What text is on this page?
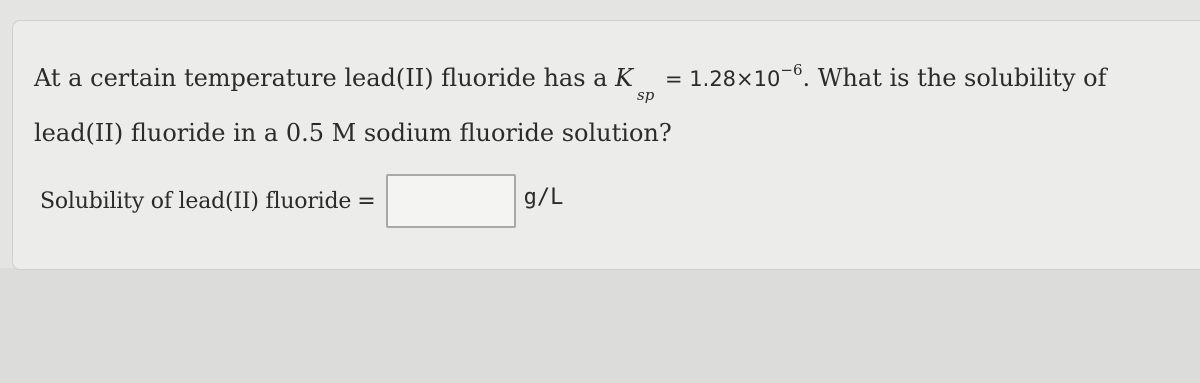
At a certain temperature lead(II) fluoride has a $K_{sp} = 1.28\times 10^{-6}$. What is the solubility of
lead(II) fluoride in a 0.5 M sodium fluoride solution?
Solubility of lead(II) fluoride =	g/L
